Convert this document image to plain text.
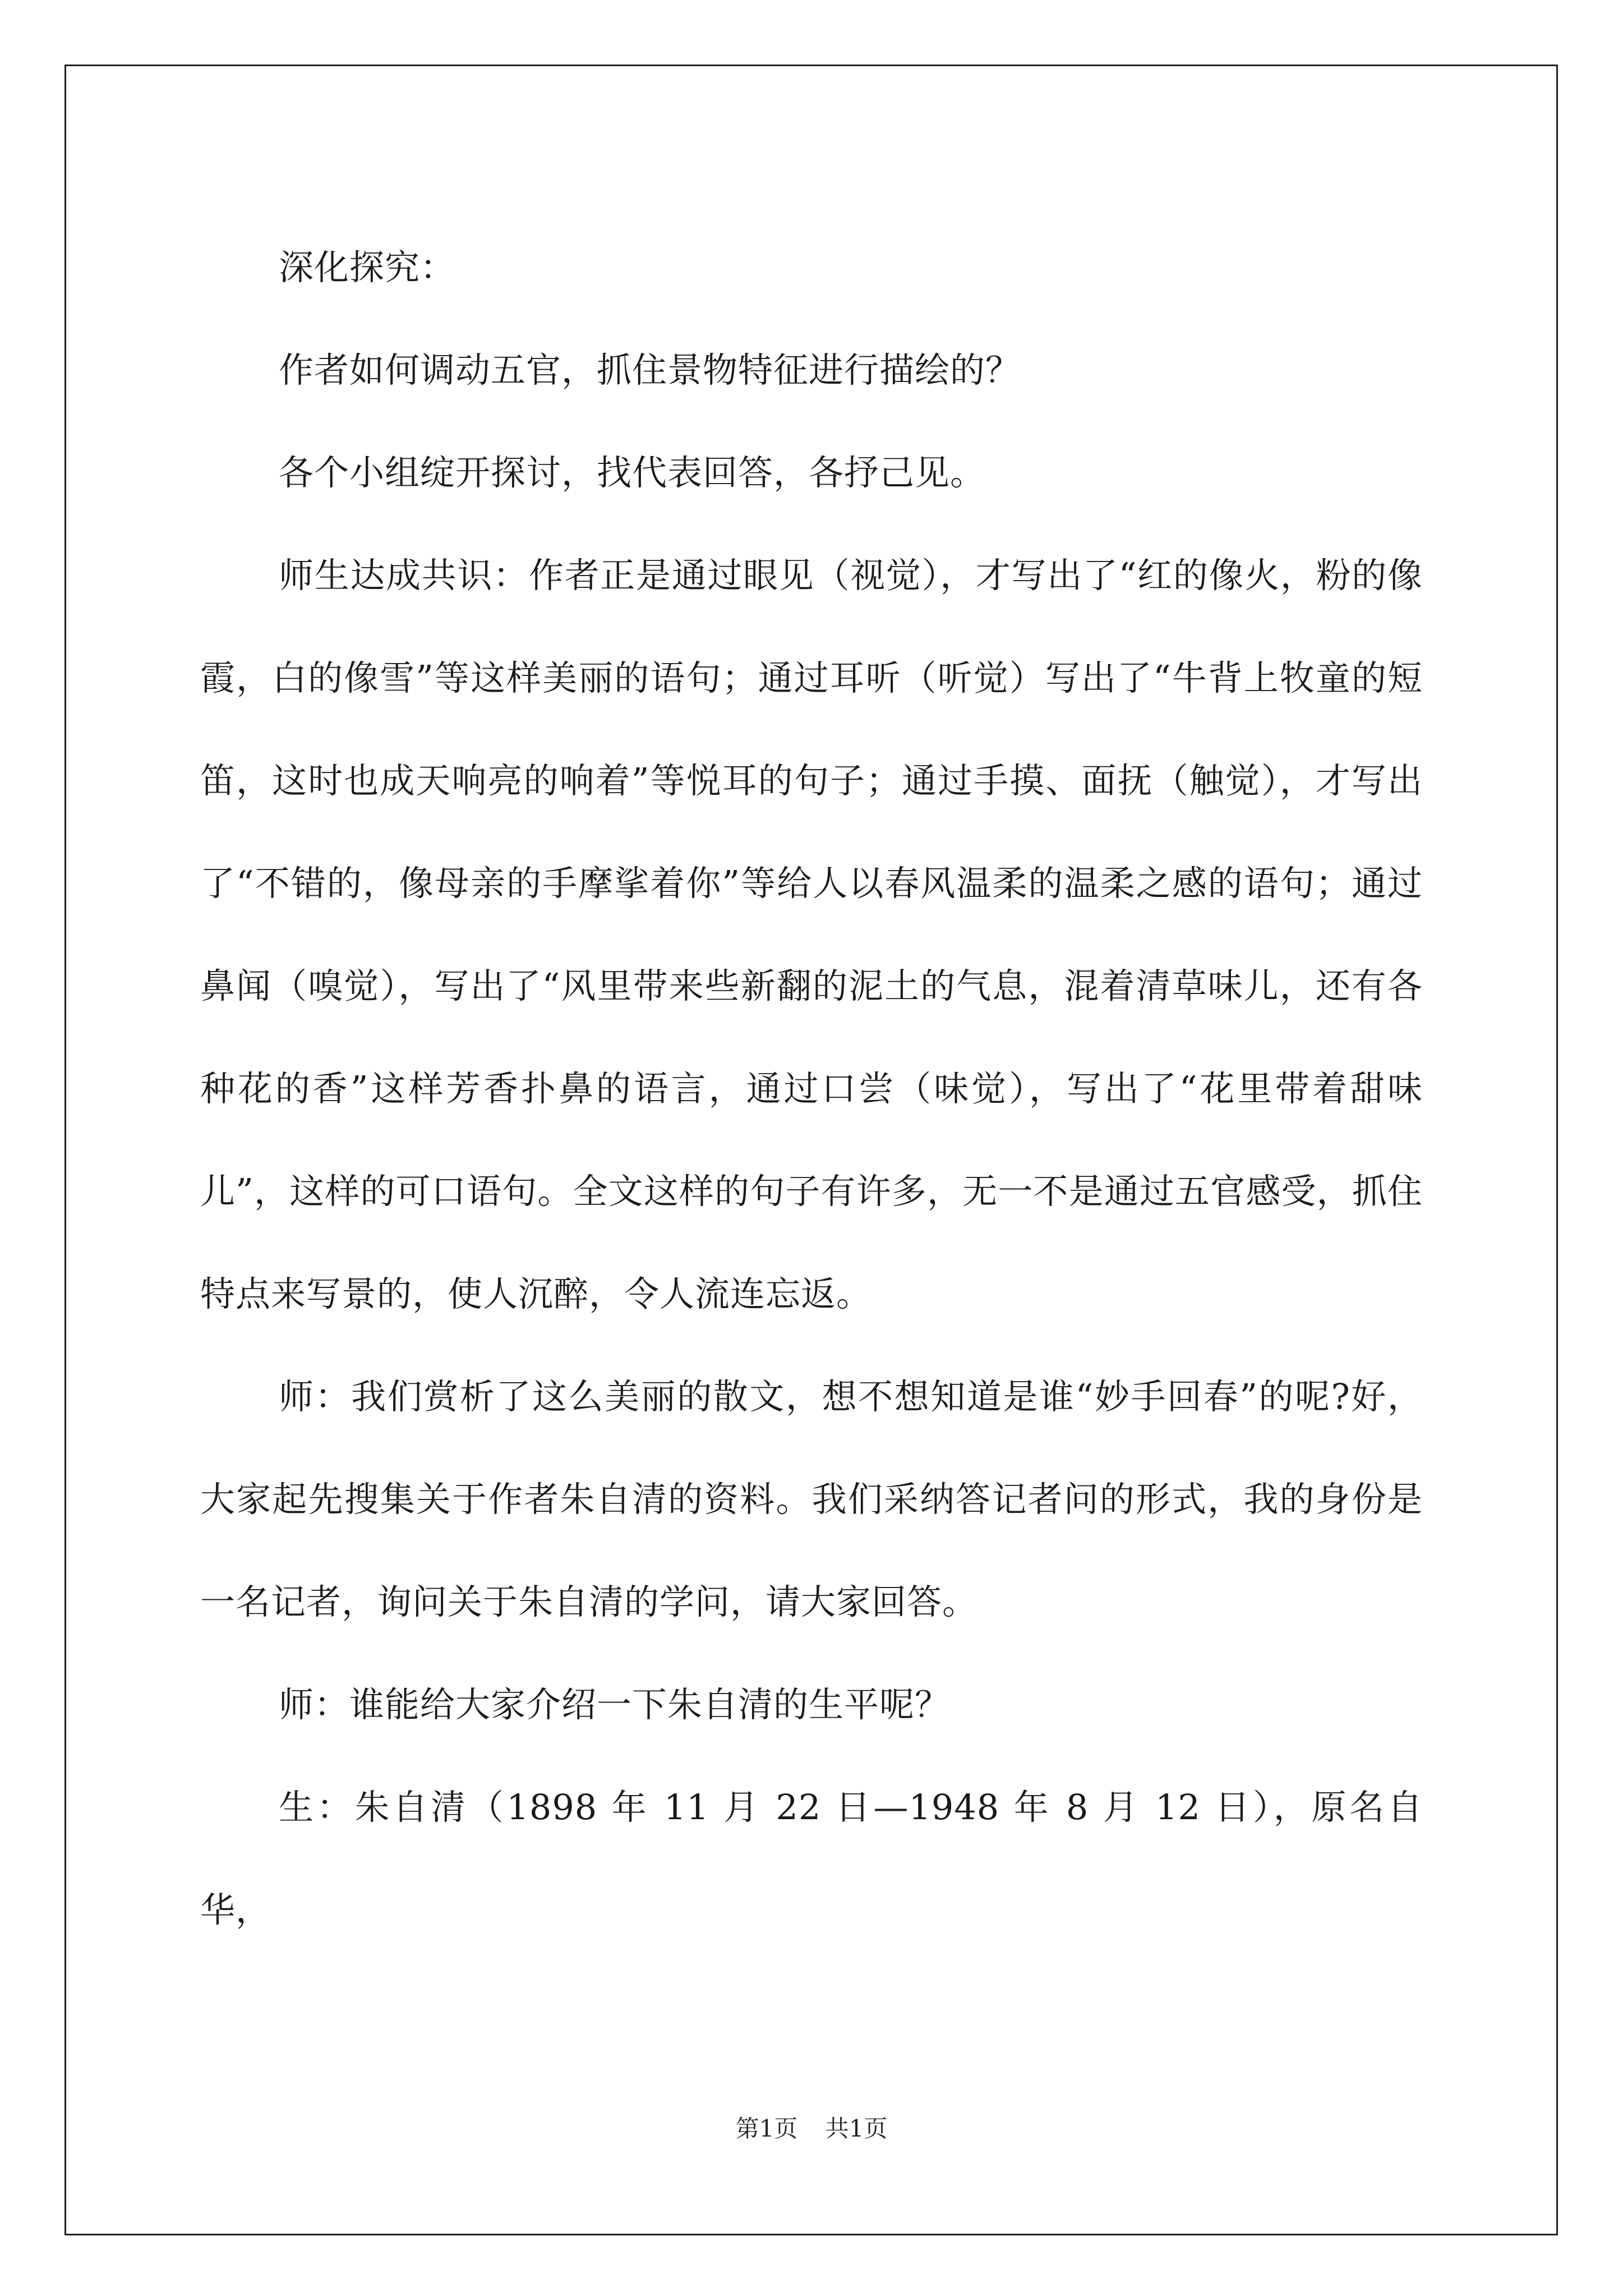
深化探究：

作者如何调动五官，抓住景物特征进行描绘的？

各个小组绽开探讨，找代表回答，各抒己见。

师生达成共识：作者正是通过眼见（视觉），才写出了“红的像火，粉的像霞，白的像雪”等这样美丽的语句；通过耳听（听觉）写出了“牛背上牧童的短笛，这时也成天响亮的响着”等悦耳的句子；通过手摸、面抚（触觉），才写出了“不错的，像母亲的手摩挲着你”等给人以春风温柔的温柔之感的语句；通过鼻闻（嗅觉），写出了“风里带来些新翻的泥土的气息，混着清草味儿，还有各种花的香”这样芳香扑鼻的语言，通过口尝（味觉），写出了“花里带着甜味儿”，这样的可口语句。全文这样的句子有许多，无一不是通过五官感受，抓住特点来写景的，使人沉醉，令人流连忘返。

师：我们赏析了这么美丽的散文，想不想知道是谁“妙手回春”的呢?好，大家起先搜集关于作者朱自清的资料。我们采纳答记者问的形式，我的身份是一名记者，询问关于朱自清的学问，请大家回答。

师：谁能给大家介绍一下朱自清的生平呢？

生：朱自清（1898 年 11 月 22 日—1948 年 8 月 12 日），原名自华，

第1页 共1页
